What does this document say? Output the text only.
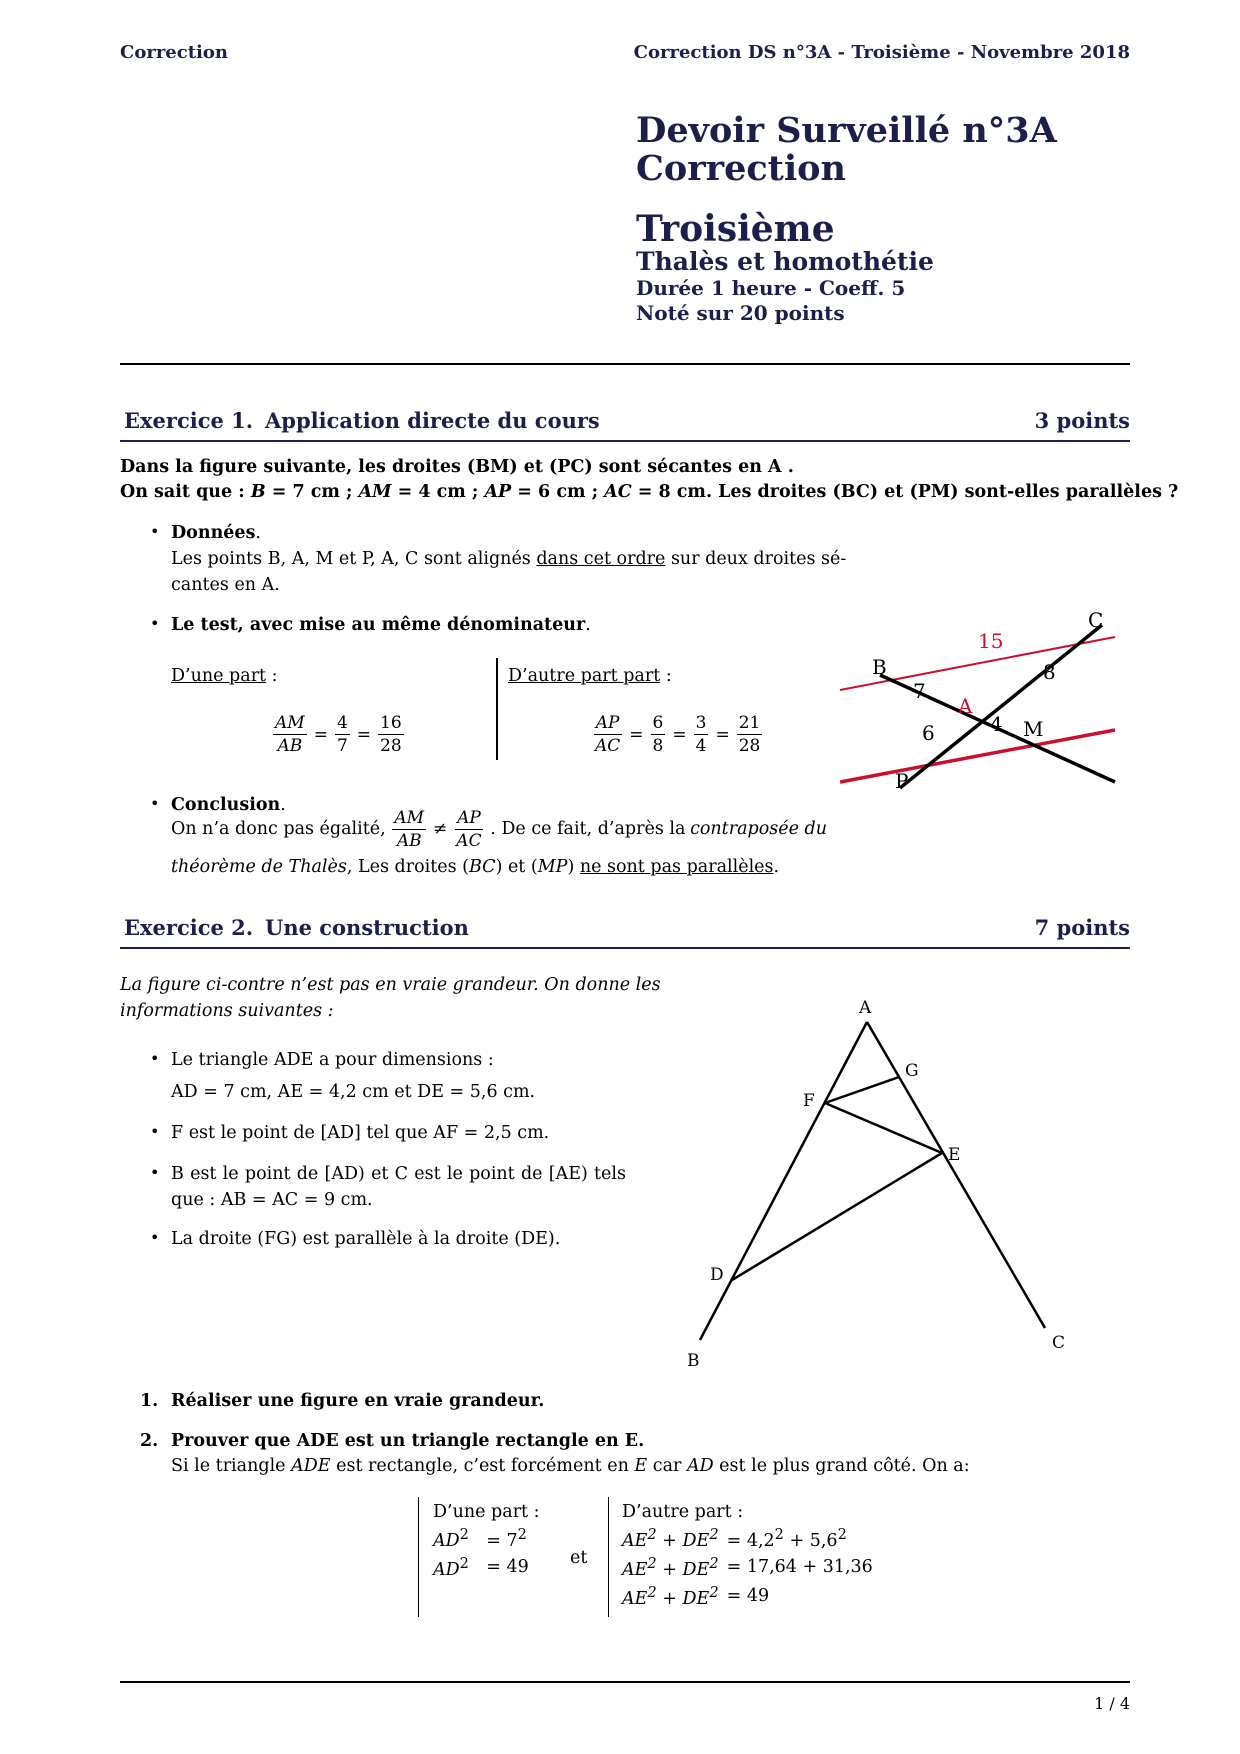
Correction	Correction DS n°3A - Troisième - Novembre 2018
Devoir Surveillé n°3A
Correction
Troisième
Thalès et homothétie
Durée 1 heure - Coeff. 5
Noté sur 20 points
Exercice 1. Application directe du cours	3 points
Dans la figure suivante, les droites (BM) et (PC) sont sécantes en A .
On sait que : B = 7 cm ; AM = 4 cm ; AP = 6 cm ; AC = 8 cm. Les droites (BC) et (PM) sont-elles parallèles ?
• Données.
Les points B, A, M et P, A, C sont alignés dans cet ordre sur deux droites sé-
cantes en A.
• Le test, avec mise au même dénominateur.
D’une part :
$\frac{AM}{AB} = \frac{4}{7} = \frac{16}{28}$
D’autre part part :
$\frac{AP}{AC} = \frac{6}{8} = \frac{3}{4} = \frac{21}{28}$
• Conclusion.
On n’a donc pas égalité, $\frac{AM}{AB} \ne \frac{AP}{AC}$ . De ce fait, d’après la contraposée du
théorème de Thalès, Les droites (BC) et (MP) ne sont pas parallèles.
B
C
A
M
P
15
7
8
6	4
Exercice 2. Une construction	7 points
La figure ci-contre n’est pas en vraie grandeur. On donne les
informations suivantes :
• Le triangle ADE a pour dimensions :
AD = 7 cm, AE = 4,2 cm et DE = 5,6 cm.
• F est le point de [AD] tel que AF = 2,5 cm.
• B est le point de [AD) et C est le point de [AE) tels
que : AB = AC = 9 cm.
• La droite (FG) est parallèle à la droite (DE).
A
G
F
E
D
B
C
1. Réaliser une figure en vraie grandeur.
2. Prouver que ADE est un triangle rectangle en E.
Si le triangle ADE est rectangle, c’est forcément en E car AD est le plus grand côté. On a:
D’une part :	
$AD^2$	= $7^2$
$AD^2$	= 49 et
D’autre part :	
$AE^2 + DE^2$	= $4,2^2 + 5,6^2$
$AE^2 + DE^2$	= 17,64 + 31,36
$AE^2 + DE^2$	= 49
1 / 4
